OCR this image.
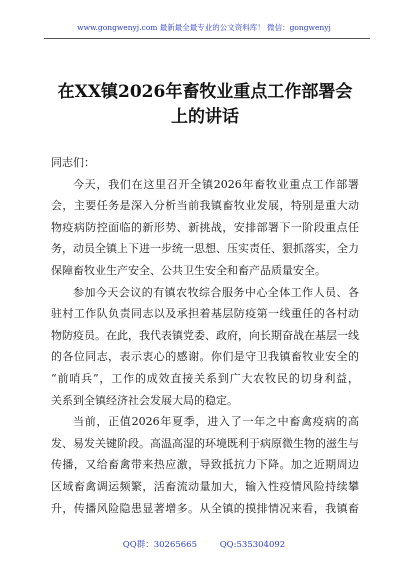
www.gongwenyj.com 最新最全最专业的公文资料库！ 微信：gongwenyj
在XX镇2026年畜牧业重点工作部署会
上的讲话
同志们：

今天，我们在这里召开全镇2026年畜牧业重点工作部署
会，主要任务是深入分析当前我镇畜牧业发展，特别是重大动
物疫病防控面临的新形势、新挑战，安排部署下一阶段重点任
务，动员全镇上下进一步统一思想、压实责任、狠抓落实，全力
保障畜牧业生产安全、公共卫生安全和畜产品质量安全。

参加今天会议的有镇农牧综合服务中心全体工作人员、各
驻村工作队负责同志以及承担着基层防疫第一线重任的各村动
物防疫员。在此，我代表镇党委、政府，向长期奋战在基层一线
的各位同志，表示衷心的感谢。你们是守卫我镇畜牧业安全的
“前哨兵”，工作的成效直接关系到广大农牧民的切身利益，
关系到全镇经济社会发展大局的稳定。

当前，正值2026年夏季，进入了一年之中畜禽疫病的高
发、易发关键阶段。高温高湿的环境既利于病原微生物的滋生与
传播，又给畜禽带来热应激，导致抵抗力下降。加之近期周边
区域畜禽调运频繁，活畜流动量加大，输入性疫情风险持续攀
升，传播风险隐患显著增多。从全镇的摸排情况来看，我镇畜

QQ群：30265665	QQ:535304092
